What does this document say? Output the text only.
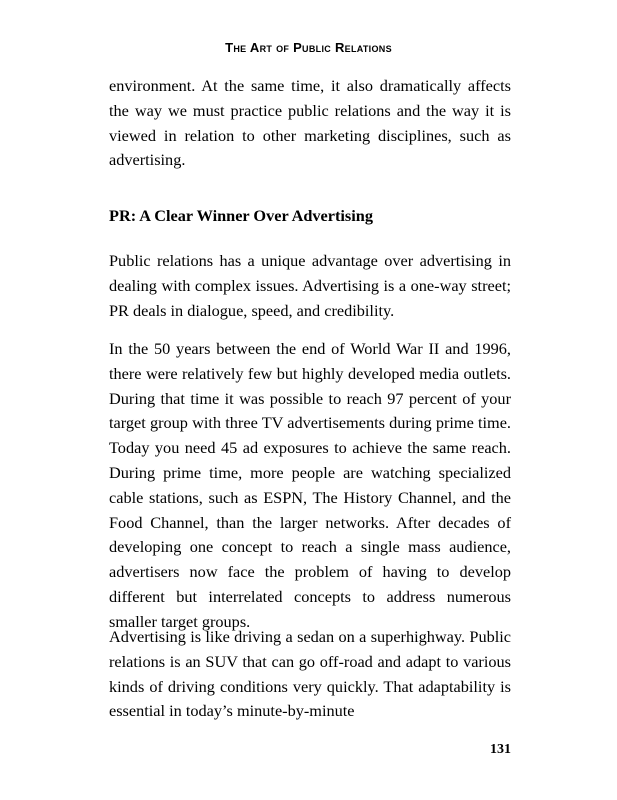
The Art of Public Relations

environment. At the same time, it also dramatically affects the way we must practice public relations and the way it is viewed in relation to other marketing disciplines, such as advertising.

PR: A Clear Winner Over Advertising

Public relations has a unique advantage over advertising in dealing with complex issues. Advertising is a one-way street; PR deals in dialogue, speed, and credibility.

In the 50 years between the end of World War II and 1996, there were relatively few but highly developed media outlets. During that time it was possible to reach 97 percent of your target group with three TV advertisements during prime time. Today you need 45 ad exposures to achieve the same reach. During prime time, more people are watching specialized cable stations, such as ESPN, The History Channel, and the Food Channel, than the larger networks. After decades of developing one concept to reach a single mass audience, advertisers now face the problem of having to develop different but interrelated concepts to address numerous smaller target groups.

Advertising is like driving a sedan on a superhighway. Public relations is an SUV that can go off-road and adapt to various kinds of driving conditions very quickly. That adaptability is essential in today’s minute-by-minute

131
